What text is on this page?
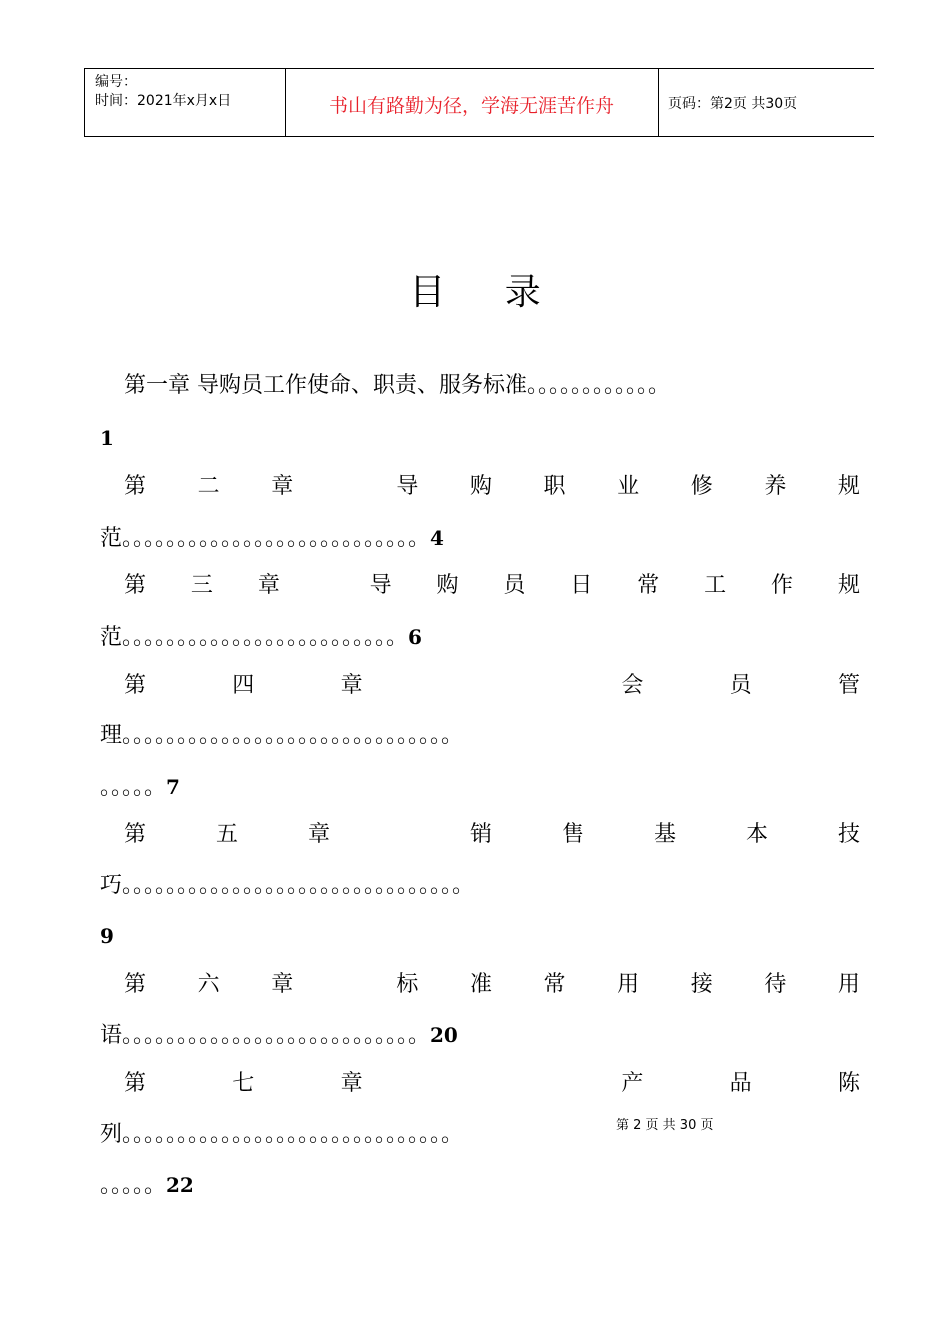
编号：
时间：2021年x月x日	书山有路勤为径，学海无涯苦作舟	页码：第2页 共30页
目 录
第一章 导购员工作使命、职责、服务标准。。。。。。。。。。。。
1
第 二 章	导 购 职 业 修 养 规
范。。。。。。。。。。。。。。。。。。。。。。。。。。。4
第 三 章	导 购 员 日 常 工 作 规
范。。。。。。。。。。。。。。。。。。。。。。。。。6
第	四	章	会	员	管
理。。。。。。。。。。。。。。。。。。。。。。。。。。。。。。
。。。。。7
第	五	章	销	售	基	本	技
巧。。。。。。。。。。。。。。。。。。。。。。。。。。。。。。。
9
第 六 章	标 准 常 用 接 待 用
语。。。。。。。。。。。。。。。。。。。。。。。。。。。20
第	七	章	产	品	陈
列。。。。。。。。。。。。。。。。。。。。。。。。。。。。。。
。。。。。22
第 2 页 共 30 页
